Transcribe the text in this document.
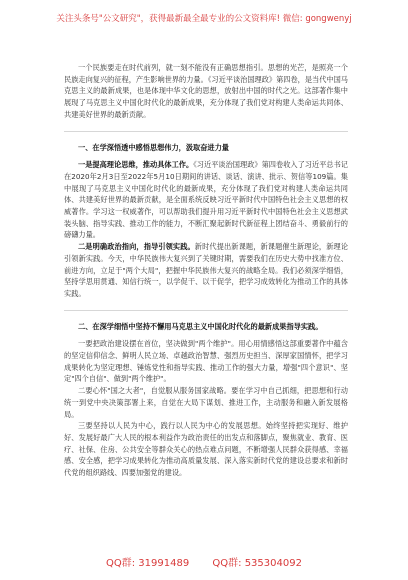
关注头条号"公文研究"，获得最新最全最专业的公文资料库! 微信: gongwenyj

一个民族要走在时代前列，就一刻不能没有正确思想指引。思想的光芒，是照亮一个民族走向复兴的征程，产生影响世界的力量。《习近平谈治国理政》第四卷，是当代中国马克思主义的最新成果，也是体现中华文化的思想，放射出中国的时代之光。这部著作集中展现了马克思主义中国化时代化的最新成果，充分体现了我们党对构建人类命运共同体、共建美好世界的最新贡献。

一、在学深悟透中感悟思想伟力，汲取奋进力量

一是提高理论思维，推动具体工作。《习近平谈治国理政》第四卷收入了习近平总书记在2020年2月3日至2022年5月10日期间的讲话、谈话、演讲、批示、贺信等109篇。集中展现了马克思主义中国化时代化的最新成果，充分体现了我们党对构建人类命运共同体、共建美好世界的最新贡献，是全面系统反映习近平新时代中国特色社会主义思想的权威著作。学习这一权威著作，可以帮助我们提升用习近平新时代中国特色社会主义思想武装头脑、指导实践、推动工作的能力，不断汇聚起新时代新征程上团结奋斗、勇毅前行的磅礴力量。

二是明确政治指向，指导引领实践。新时代提出新课题，新课题催生新理论，新理论引领新实践。今天，中华民族伟大复兴到了关键时期，需要我们在历史大势中找准方位、前进方向，立足于"两个大局"，把握中华民族伟大复兴的战略全局。我们必须深学细悟，坚持学思用贯通、知信行统一，以学促干、以干促学，把学习成效转化为推动工作的具体实践。

二、在深学细悟中坚持不懈用马克思主义中国化时代化的最新成果指导实践。

一要把政治建设摆在首位，坚决做到"两个维护"。用心用情感悟这部重要著作中蕴含的坚定信仰信念、鲜明人民立场、卓越政治智慧、强烈历史担当、深厚家国情怀，把学习成果转化为坚定理想、锤炼党性和指导实践、推动工作的强大力量，增强"四个意识"、坚定"四个自信"、做到"两个维护"。

二要心怀"国之大者"，自觉服从服务国家战略。要在学习中自己抓细，把思想和行动统一到党中央决策部署上来，自觉在大局下谋划、推进工作，主动服务和融入新发展格局。

三要坚持以人民为中心，践行以人民为中心的发展思想。始终坚持把实现好、维护好、发展好最广大人民的根本利益作为政治责任的出发点和落脚点，聚焦就业、教育、医疗、社保、住房、公共安全等群众关心的热点难点问题，不断增强人民群众获得感、幸福感、安全感，把学习成果转化为推动高质量发展、深入落实新时代党的建设总要求和新时代党的组织路线、四要加强党的建设。

QQ群: 31991489 QQ群: 535304092
